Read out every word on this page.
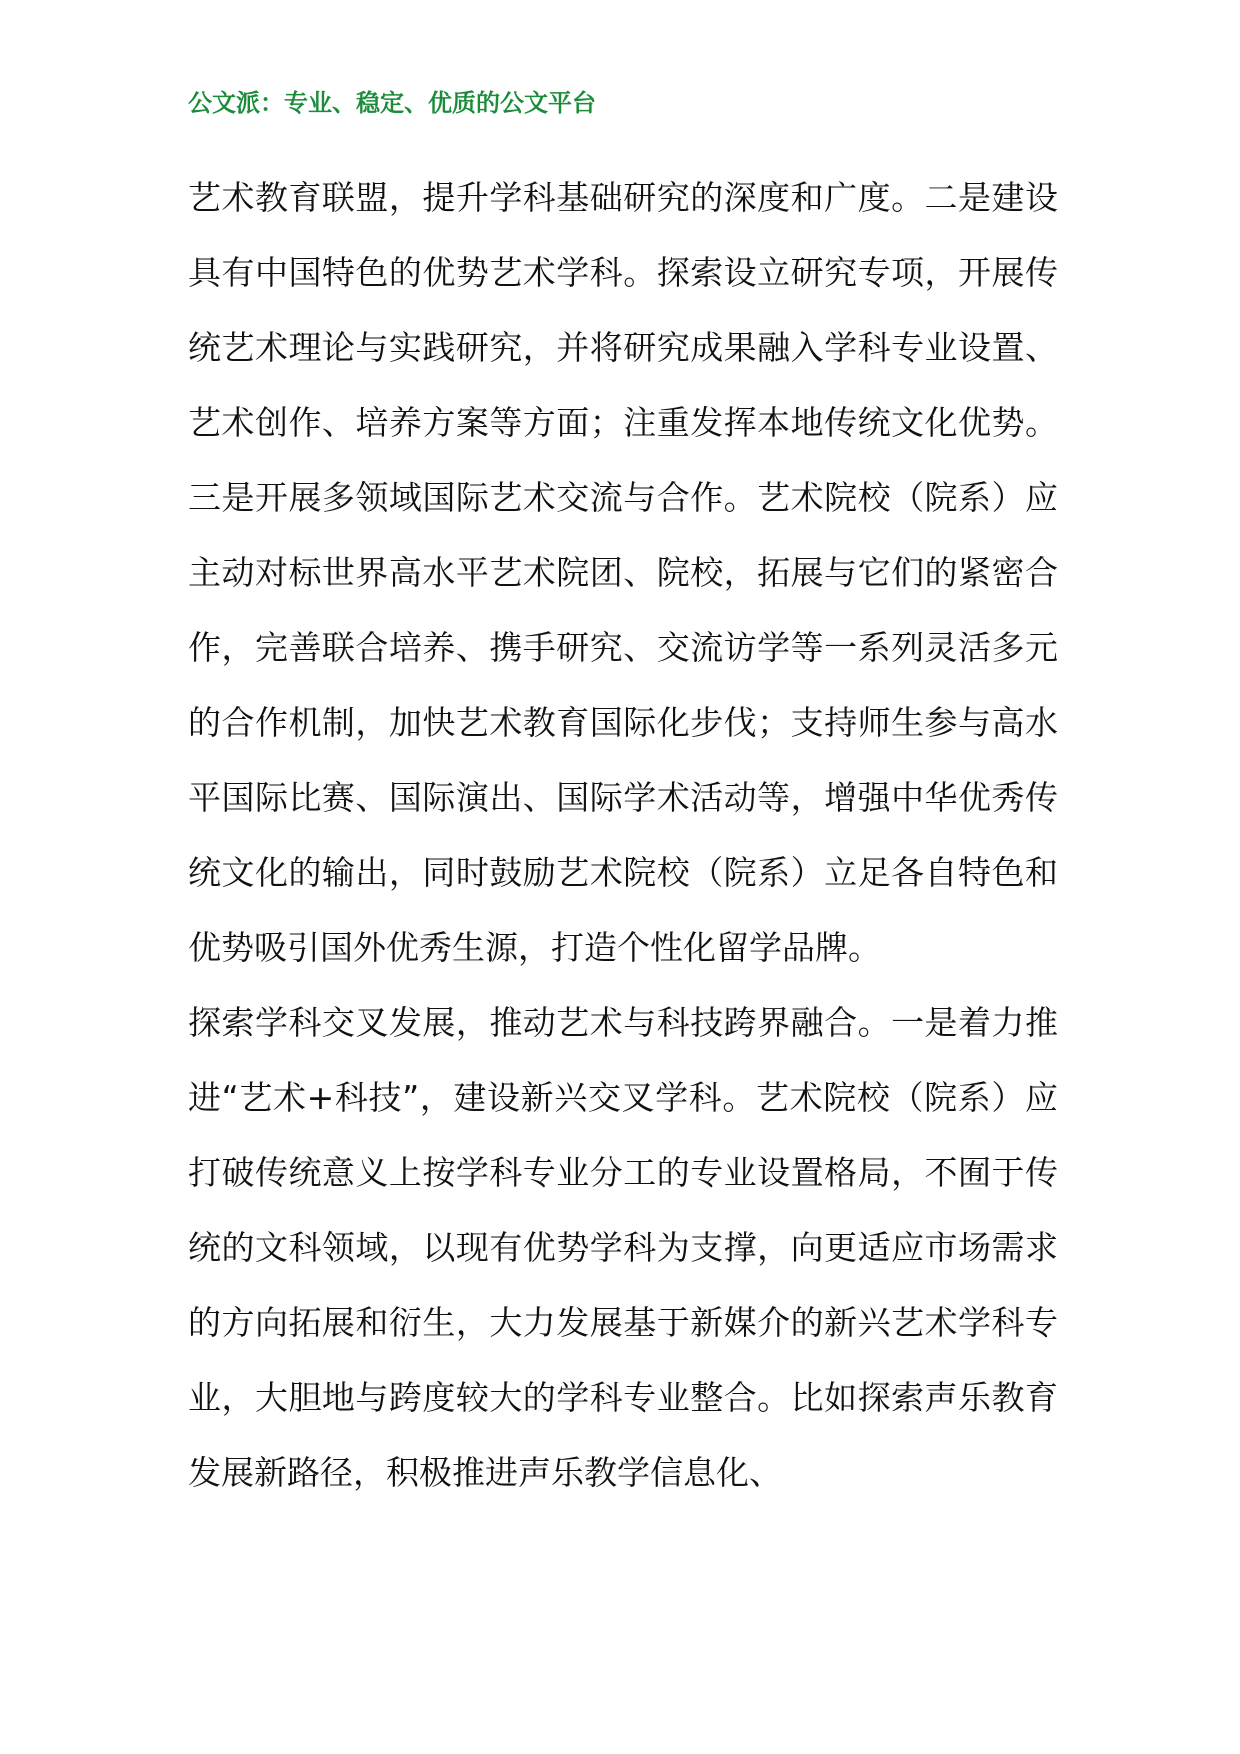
公文派：专业、稳定、优质的公文平台

艺术教育联盟，提升学科基础研究的深度和广度。二是建设具有中国特色的优势艺术学科。探索设立研究专项，开展传统艺术理论与实践研究，并将研究成果融入学科专业设置、艺术创作、培养方案等方面；注重发挥本地传统文化优势。三是开展多领域国际艺术交流与合作。艺术院校（院系）应主动对标世界高水平艺术院团、院校，拓展与它们的紧密合作，完善联合培养、携手研究、交流访学等一系列灵活多元的合作机制，加快艺术教育国际化步伐；支持师生参与高水平国际比赛、国际演出、国际学术活动等，增强中华优秀传统文化的输出，同时鼓励艺术院校（院系）立足各自特色和优势吸引国外优秀生源，打造个性化留学品牌。

探索学科交叉发展，推动艺术与科技跨界融合。一是着力推进“艺术+科技”，建设新兴交叉学科。艺术院校（院系）应打破传统意义上按学科专业分工的专业设置格局，不囿于传统的文科领域，以现有优势学科为支撑，向更适应市场需求的方向拓展和衍生，大力发展基于新媒介的新兴艺术学科专业，大胆地与跨度较大的学科专业整合。比如探索声乐教育发展新路径，积极推进声乐教学信息化、
